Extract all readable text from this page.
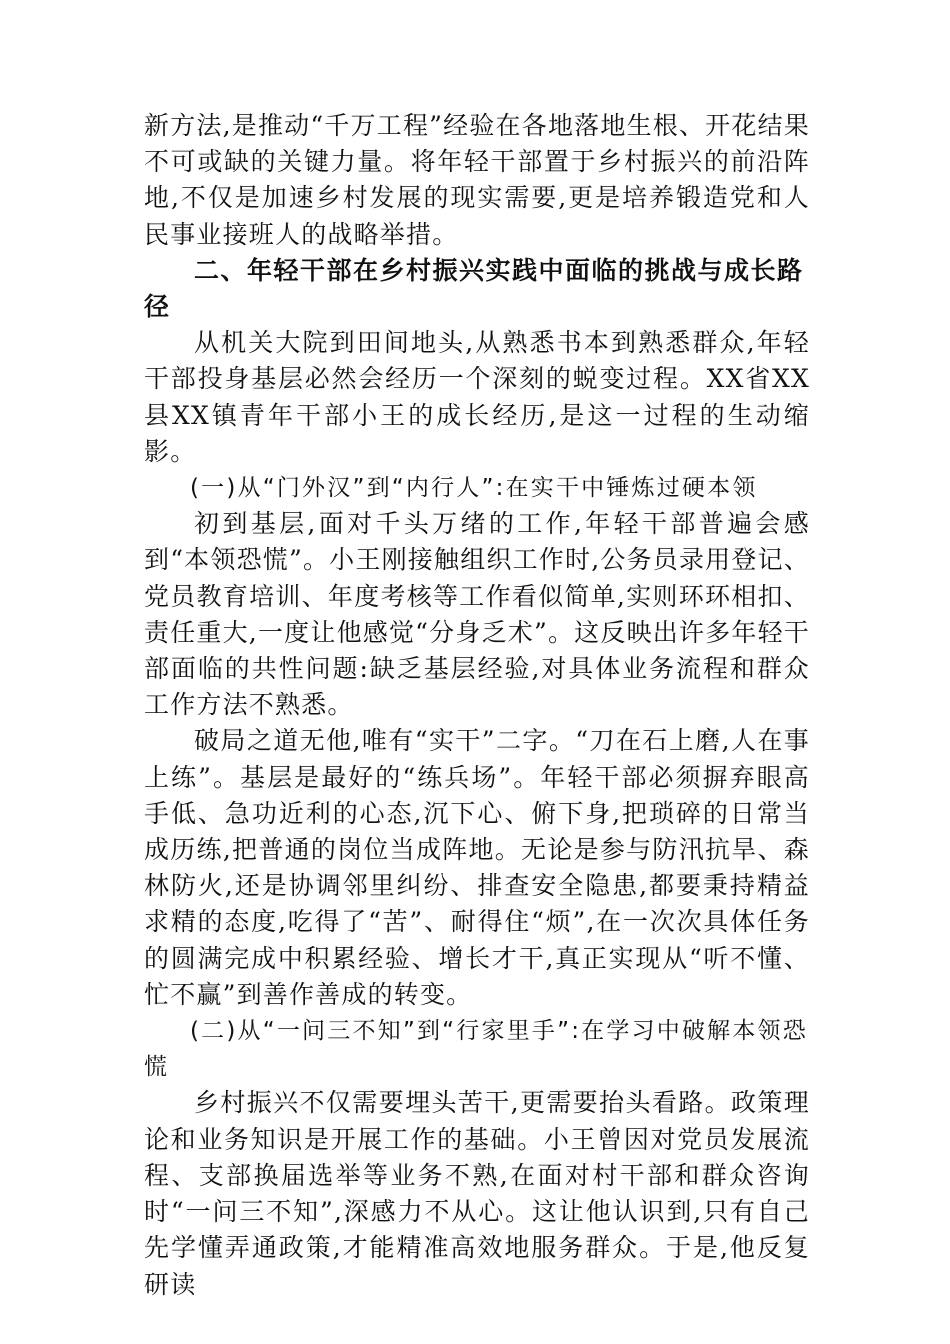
新方法,是推动“千万工程”经验在各地落地生根、开花结果不可或缺的关键力量。将年轻干部置于乡村振兴的前沿阵地,不仅是加速乡村发展的现实需要,更是培养锻造党和人民事业接班人的战略举措。

二、年轻干部在乡村振兴实践中面临的挑战与成长路径

从机关大院到田间地头,从熟悉书本到熟悉群众,年轻干部投身基层必然会经历一个深刻的蜕变过程。XX省XX县XX镇青年干部小王的成长经历,是这一过程的生动缩影。

(一)从“门外汉”到“内行人”:在实干中锤炼过硬本领

初到基层,面对千头万绪的工作,年轻干部普遍会感到“本领恐慌”。小王刚接触组织工作时,公务员录用登记、党员教育培训、年度考核等工作看似简单,实则环环相扣、责任重大,一度让他感觉“分身乏术”。这反映出许多年轻干部面临的共性问题:缺乏基层经验,对具体业务流程和群众工作方法不熟悉。

破局之道无他,唯有“实干”二字。“刀在石上磨,人在事上练”。基层是最好的“练兵场”。年轻干部必须摒弃眼高手低、急功近利的心态,沉下心、俯下身,把琐碎的日常当成历练,把普通的岗位当成阵地。无论是参与防汛抗旱、森林防火,还是协调邻里纠纷、排查安全隐患,都要秉持精益求精的态度,吃得了“苦”、耐得住“烦”,在一次次具体任务的圆满完成中积累经验、增长才干,真正实现从“听不懂、忙不赢”到善作善成的转变。

(二)从“一问三不知”到“行家里手”:在学习中破解本领恐慌

乡村振兴不仅需要埋头苦干,更需要抬头看路。政策理论和业务知识是开展工作的基础。小王曾因对党员发展流程、支部换届选举等业务不熟,在面对村干部和群众咨询时“一问三不知”,深感力不从心。这让他认识到,只有自己先学懂弄通政策,才能精准高效地服务群众。于是,他反复研读
